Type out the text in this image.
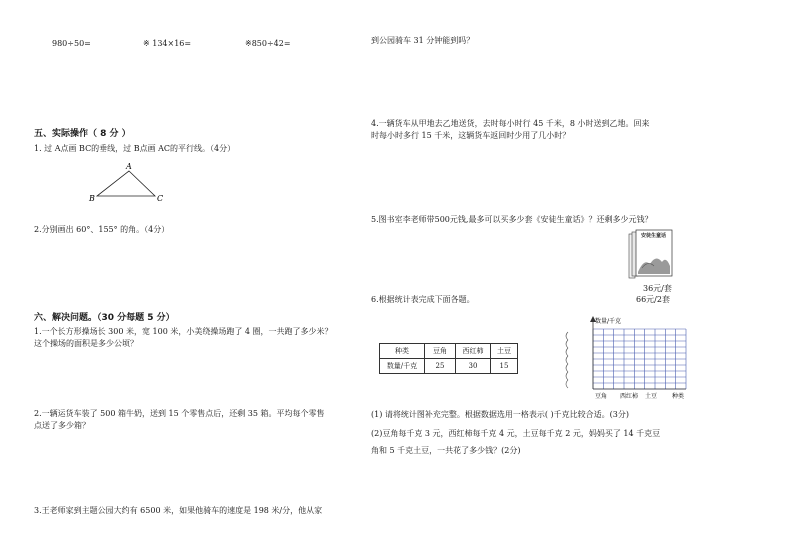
980÷50=	※ 134×16=	※850÷42=
五、实际操作（ 8 分 ）
1. 过 A点画 BC的垂线，过 B点画 AC的平行线。（4分）
A
B	C
2.分别画出 60°、155° 的角。（4分）
六、解决问题。（30 分每题 5 分）
1.一个长方形操场长 300 米，宽 100 米，小美绕操场跑了 4 圈，一共跑了多少米？
这个操场的面积是多少公顷？
2.一辆运货车装了 500 箱牛奶，送到 15 个零售点后，还剩 35 箱。平均每个零售
点送了多少箱？
3.王老师家到主题公园大约有 6500 米，如果他骑车的速度是 198 米/分，他从家
到公园骑车 31 分钟能到吗？
4.一辆货车从甲地去乙地送货，去时每小时行 45 千米，8 小时送到乙地。回来
时每小时多行 15 千米，这辆货车返回时少用了几小时？
5.图书室李老师带500元钱,最多可以买多少套《安徒生童话》？还剩多少元钱？
安徒生童话
36元/套
66元/2套
6.根据统计表完成下面各题。
种类	豆角	西红柿	土豆
数量/千克	25	30	15
数量/千克
种类
豆角 西红柿 土豆
(1) 请将统计图补充完整。根据数据选用一格表示( )千克比较合适。(3分)
(2)豆角每千克 3 元，西红柿每千克 4 元，土豆每千克 2 元，妈妈买了 14 千克豆
角和 5 千克土豆，一共花了多少钱？(2分)
